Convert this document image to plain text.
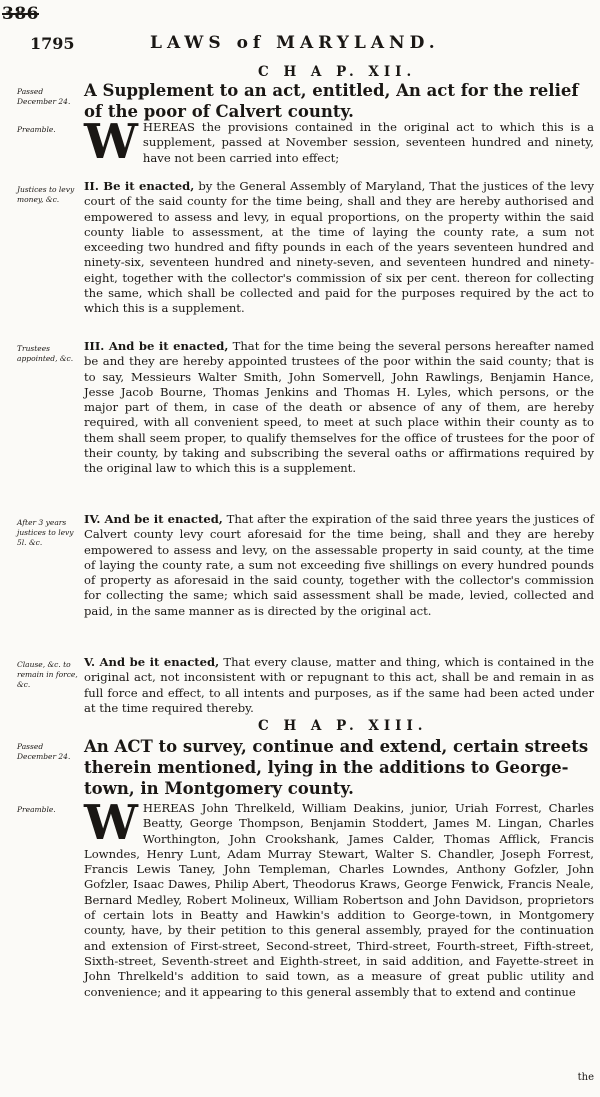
386
1795	LAWS of MARYLAND.
C H A P. XII.
Passed December 24.
A Supplement to an act, entitled, An act for the relief of the poor of Calvert county.
Preamble. WHEREAS the provisions contained in the original act to which this is a supplement, passed at November session, seventeen hundred and ninety, have not been carried into effect;
Justices to levy money, &c.
II. Be it enacted, by the General Assembly of Maryland, That the justices of the levy court of the said county for the time being, shall and they are hereby authorised and empowered to assess and levy, in equal proportions, on the property within the said county liable to assessment, at the time of laying the county rate, a sum not exceeding two hundred and fifty pounds in each of the years seventeen hundred and ninety-six, seventeen hundred and ninety-seven, and seventeen hundred and ninety-eight, together with the collector's commission of six per cent. thereon for collecting the same, which shall be collected and paid for the purposes required by the act to which this is a supplement.
Trustees appointed, &c.
III. And be it enacted, That for the time being the several persons hereafter named be and they are hereby appointed trustees of the poor within the said county; that is to say, Messieurs Walter Smith, John Somervell, John Rawlings, Benjamin Hance, Jesse Jacob Bourne, Thomas Jenkins and Thomas H. Lyles, which persons, or the major part of them, in case of the death or absence of any of them, are hereby required, with all convenient speed, to meet at such place within their county as to them shall seem proper, to qualify themselves for the office of trustees for the poor of their county, by taking and subscribing the several oaths or affirmations required by the original law to which this is a supplement.
After 3 years justices to levy 5l. &c.
IV. And be it enacted, That after the expiration of the said three years the justices of Calvert county levy court aforesaid for the time being, shall and they are hereby empowered to assess and levy, on the assessable property in said county, at the time of laying the county rate, a sum not exceeding five shillings on every hundred pounds of property as aforesaid in the said county, together with the collector's commission for collecting the same; which said assessment shall be made, levied, collected and paid, in the same manner as is directed by the original act.
Clause, &c. to remain in force, &c.
V. And be it enacted, That every clause, matter and thing, which is contained in the original act, not inconsistent with or repugnant to this act, shall be and remain in as full force and effect, to all intents and purposes, as if the same had been acted under at the time required thereby.
C H A P. XIII.
Passed December 24.
An ACT to survey, continue and extend, certain streets therein mentioned, lying in the additions to George-town, in Montgomery county.
Preamble. WHEREAS John Threlkeld, William Deakins, junior, Uriah Forrest, Charles Beatty, George Thompson, Benjamin Stoddert, James M. Lingan, Charles Worthington, John Crookshank, James Calder, Thomas Afflick, Francis Lowndes, Henry Lunt, Adam Murray Stewart, Walter S. Chandler, Joseph Forrest, Francis Lewis Taney, John Templeman, Charles Lowndes, Anthony Gofzler, John Gofzler, Isaac Dawes, Philip Abert, Theodorus Kraws, George Fenwick, Francis Neale, Bernard Medley, Robert Molineux, William Robertson and John Davidson, proprietors of certain lots in Beatty and Hawkin's addition to George-town, in Montgomery county, have, by their petition to this general assembly, prayed for the continuation and extension of First-street, Second-street, Third-street, Fourth-street, Fifth-street, Sixth-street, Seventh-street and Eighth-street, in said addition, and Fayette-street in John Threlkeld's addition to said town, as a measure of great public utility and convenience; and it appearing to this general assembly that to extend and continue
the
